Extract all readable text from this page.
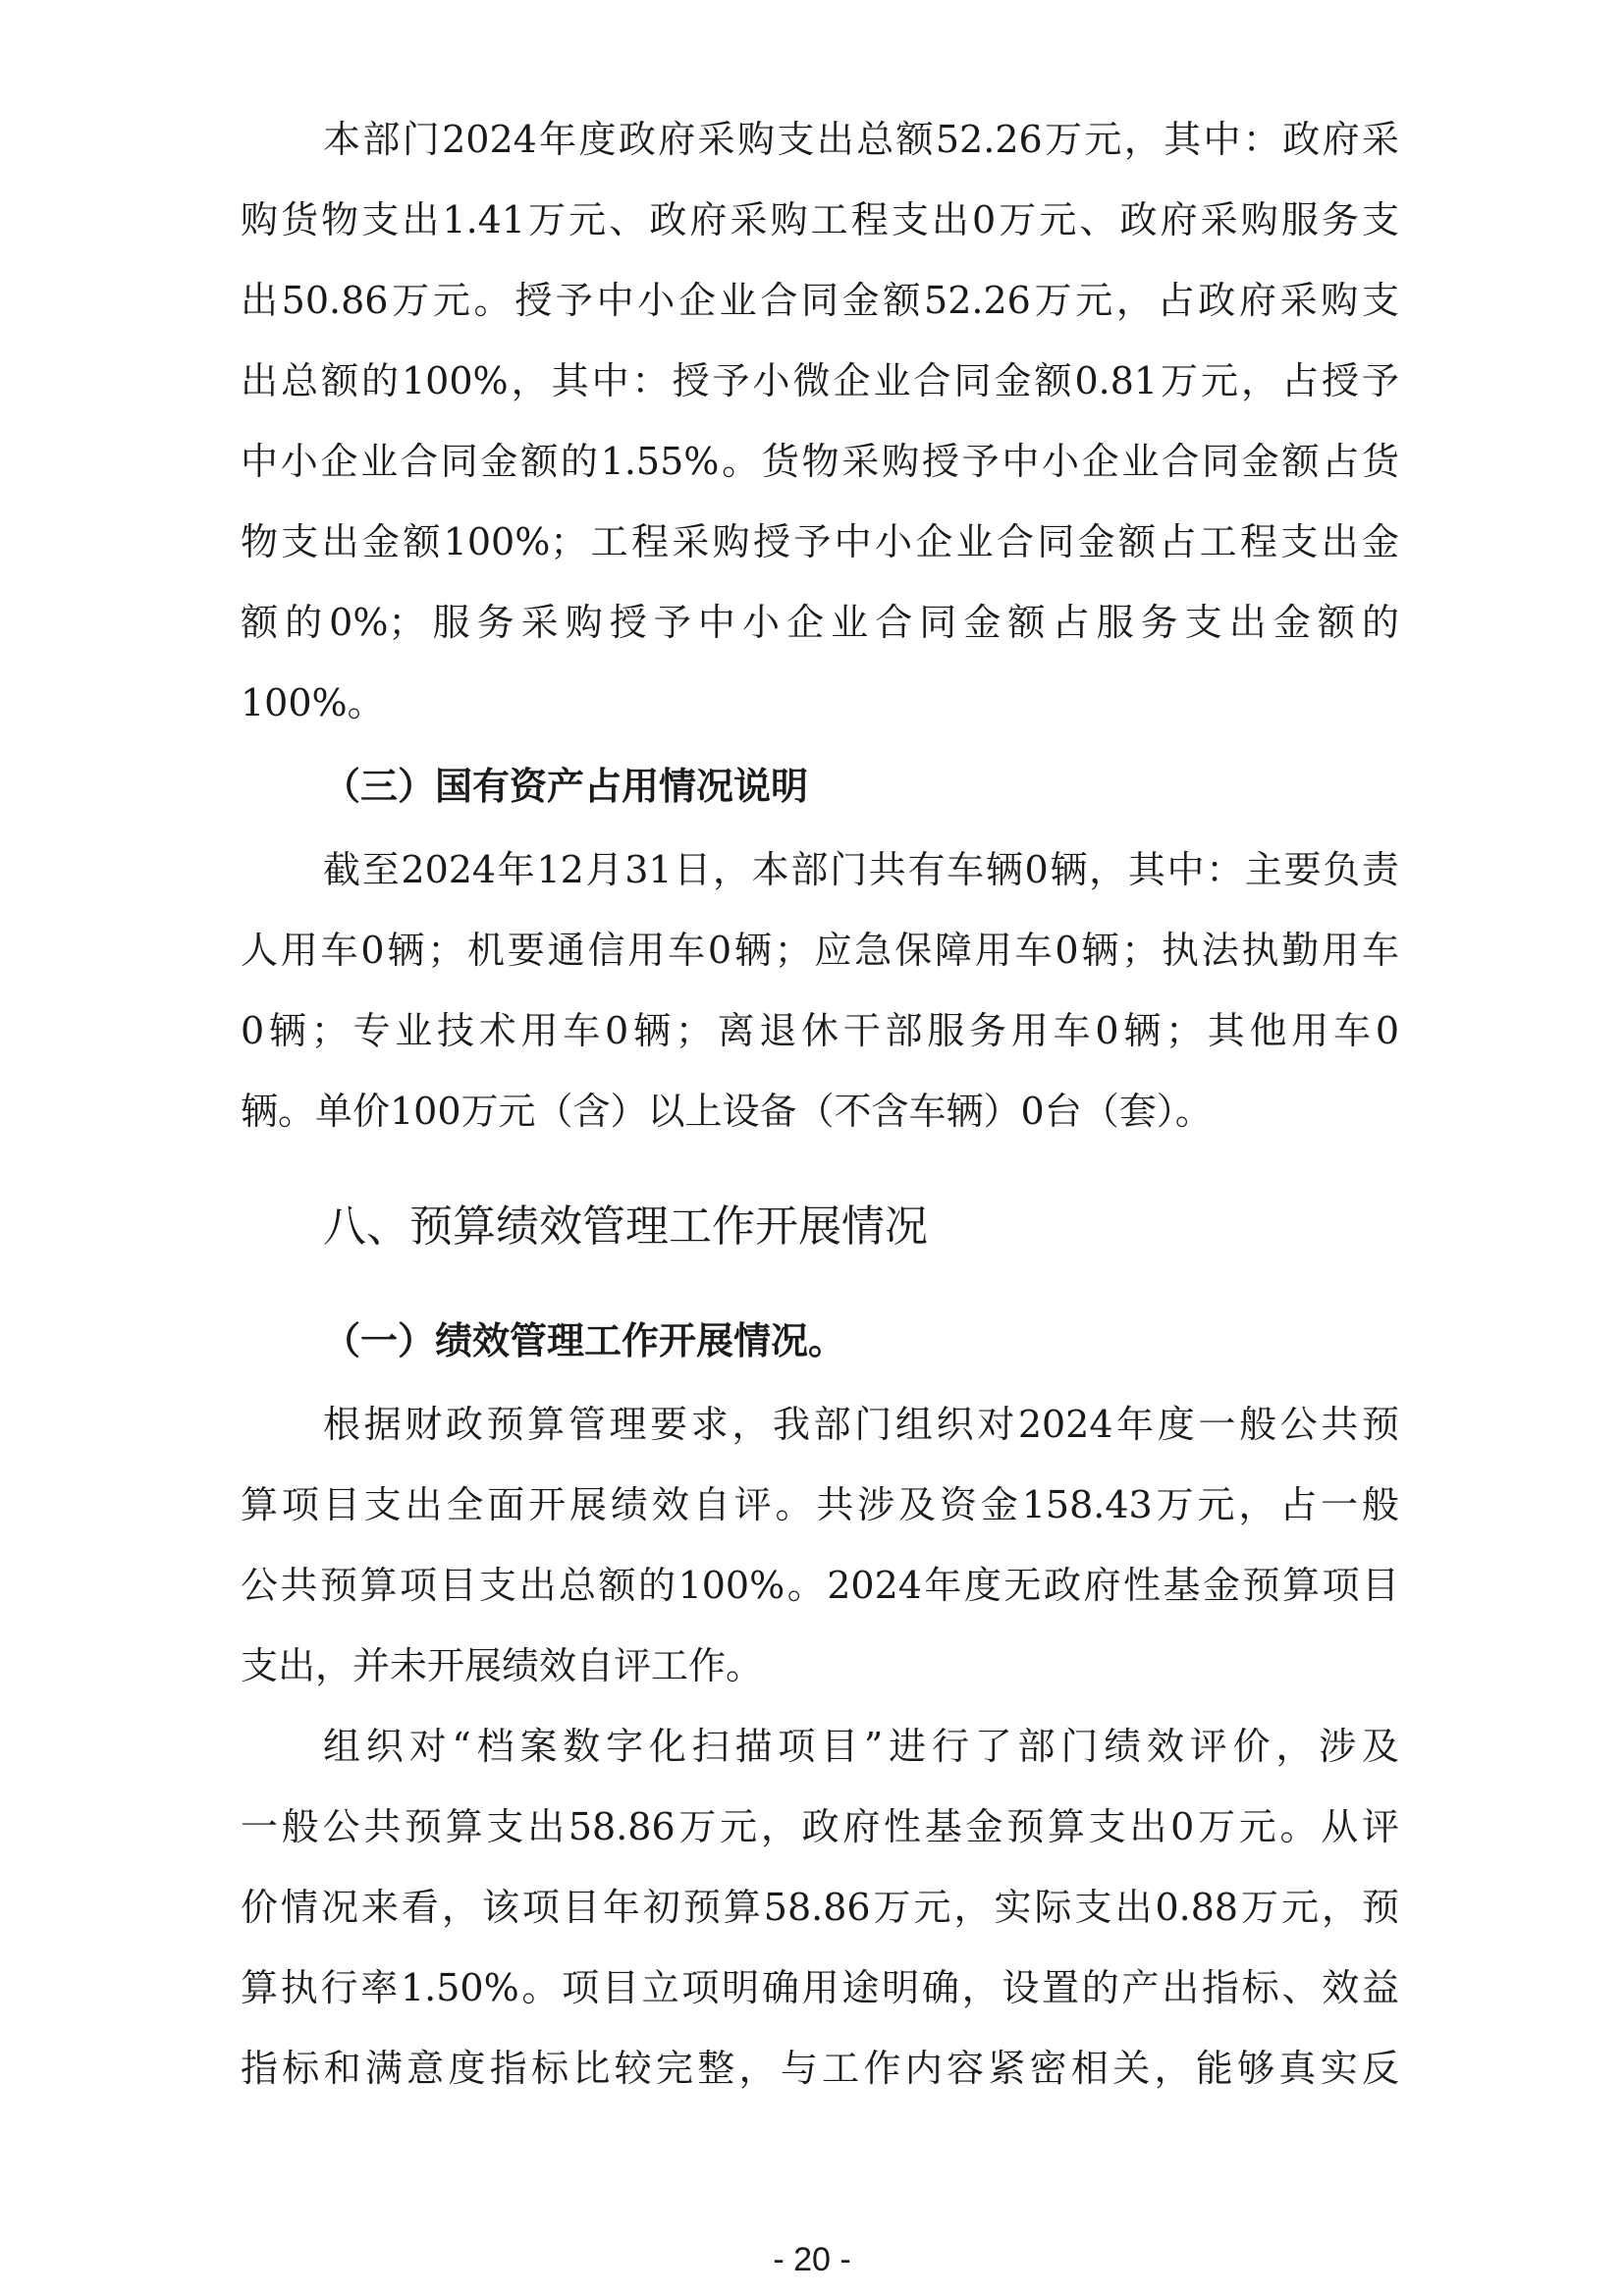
本部门2024年度政府采购支出总额52.26万元，其中：政府采
购货物支出1.41万元、政府采购工程支出0万元、政府采购服务支
出50.86万元。授予中小企业合同金额52.26万元，占政府采购支
出总额的100%，其中：授予小微企业合同金额0.81万元，占授予
中小企业合同金额的1.55%。货物采购授予中小企业合同金额占货
物支出金额100%；工程采购授予中小企业合同金额占工程支出金
额的0%；服务采购授予中小企业合同金额占服务支出金额的
100%。
（三）国有资产占用情况说明
截至2024年12月31日，本部门共有车辆0辆，其中：主要负责
人用车0辆；机要通信用车0辆；应急保障用车0辆；执法执勤用车
0辆；专业技术用车0辆；离退休干部服务用车0辆；其他用车0
辆。单价100万元（含）以上设备（不含车辆）0台（套）。
八、预算绩效管理工作开展情况
（一）绩效管理工作开展情况。
根据财政预算管理要求，我部门组织对2024年度一般公共预
算项目支出全面开展绩效自评。共涉及资金158.43万元，占一般
公共预算项目支出总额的100%。2024年度无政府性基金预算项目
支出，并未开展绩效自评工作。
组织对“档案数字化扫描项目”进行了部门绩效评价，涉及
一般公共预算支出58.86万元，政府性基金预算支出0万元。从评
价情况来看，该项目年初预算58.86万元，实际支出0.88万元，预
算执行率1.50%。项目立项明确用途明确，设置的产出指标、效益
指标和满意度指标比较完整，与工作内容紧密相关，能够真实反
- 20 -
